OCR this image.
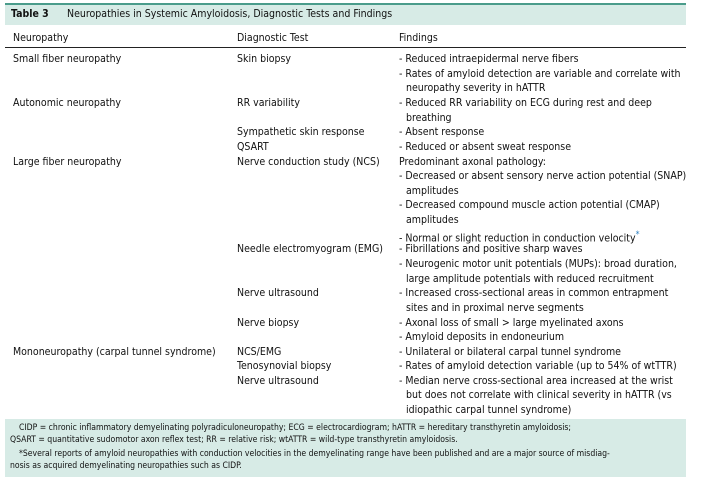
Table 3 Neuropathies in Systemic Amyloidosis, Diagnostic Tests and Findings
Neuropathy	Diagnostic Test	Findings
Small fiber neuropathy
Autonomic neuropathy
Large fiber neuropathy
Mononeuropathy (carpal tunnel syndrome)
Skin biopsy
RR variability
Sympathetic skin response
QSART
Nerve conduction study (NCS)
Needle electromyogram (EMG)
Nerve ultrasound
Nerve biopsy
NCS/EMG
Tenosynovial biopsy
Nerve ultrasound
- Reduced intraepidermal nerve fibers
- Rates of amyloid detection are variable and correlate with
neuropathy severity in hATTR
- Reduced RR variability on ECG during rest and deep
breathing
- Absent response
- Reduced or absent sweat response
Predominant axonal pathology:
- Decreased or absent sensory nerve action potential (SNAP)
amplitudes
- Decreased compound muscle action potential (CMAP)
amplitudes
- Normal or slight reduction in conduction velocity*
- Fibrillations and positive sharp waves
- Neurogenic motor unit potentials (MUPs): broad duration,
large amplitude potentials with reduced recruitment
- Increased cross-sectional areas in common entrapment
sites and in proximal nerve segments
- Axonal loss of small > large myelinated axons
- Amyloid deposits in endoneurium
- Unilateral or bilateral carpal tunnel syndrome
- Rates of amyloid detection variable (up to 54% of wtTTR)
- Median nerve cross-sectional area increased at the wrist
but does not correlate with clinical severity in hATTR (vs
idiopathic carpal tunnel syndrome)
CIDP = chronic inflammatory demyelinating polyradiculoneuropathy; ECG = electrocardiogram; hATTR = hereditary transthyretin amyloidosis;
QSART = quantitative sudomotor axon reflex test; RR = relative risk; wtATTR = wild-type transthyretin amyloidosis.
*Several reports of amyloid neuropathies with conduction velocities in the demyelinating range have been published and are a major source of misdiag-
nosis as acquired demyelinating neuropathies such as CIDP.
